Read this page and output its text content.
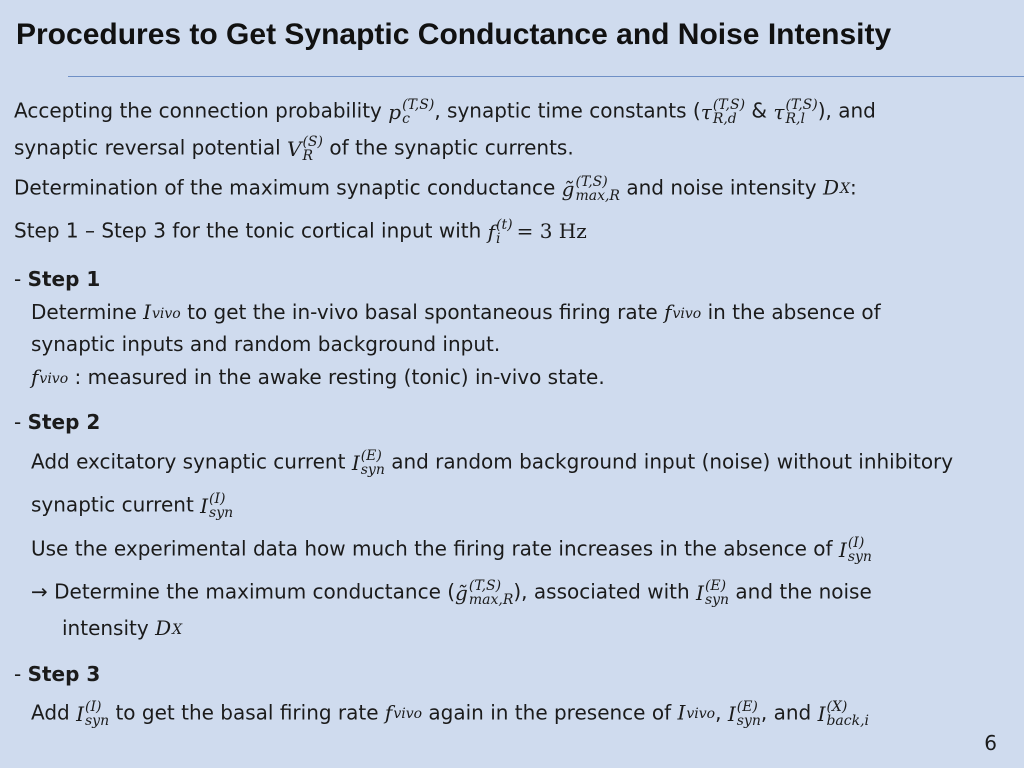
Procedures to Get Synaptic Conductance and Noise Intensity
Accepting the connection probability p (T,S)
c	, synaptic time constants (τ (T,S)
R,d & τ (T,S)
R,l ), and
synaptic reversal potential V (S)
R of the synaptic currents.
Determination of the maximum synaptic conductance g̃ (T,S)
max,R and noise intensity D X :
Step 1 – Step 3 for the tonic cortical input with f (t)
i = 3 Hz
- Step 1
Determine I vivo to get the in-vivo basal spontaneous firing rate f vivo in the absence of
synaptic inputs and random background input.
f vivo : measured in the awake resting (tonic) in-vivo state.
- Step 2
Add excitatory synaptic current I (E)
syn and random background input (noise) without inhibitory
synaptic current I (I)
syn
Use the experimental data how much the firing rate increases in the absence of I (I)
syn
→ Determine the maximum conductance (g̃ (T,S)
max,R ), associated with I (E)
syn and the noise
intensity D X
- Step 3
Add I (I)
syn to get the basal firing rate f vivo again in the presence of I vivo , I (E)
syn , and I (X)
back,i
6
